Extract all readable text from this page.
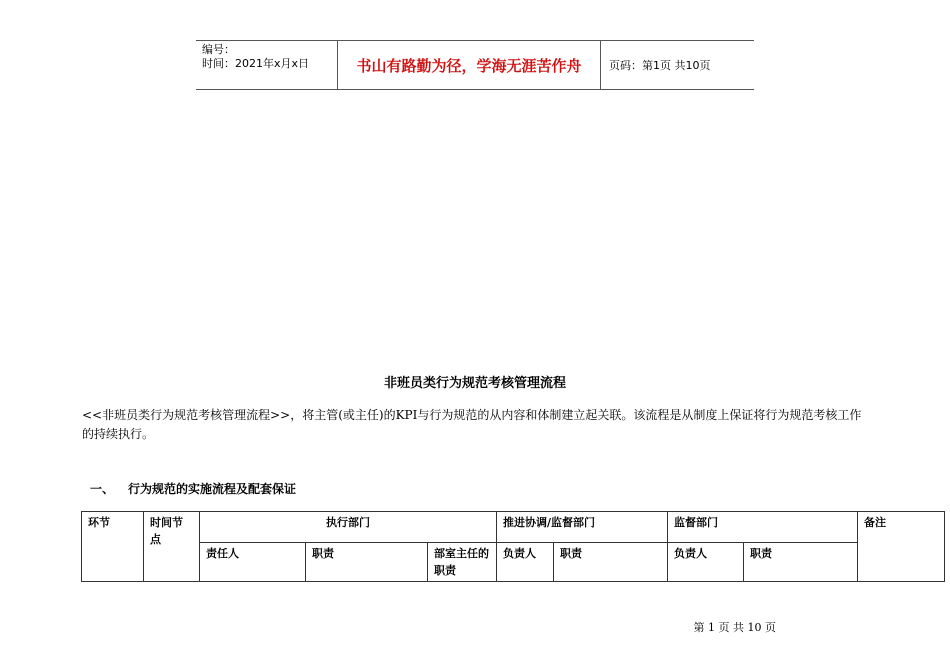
编号：
时间：2021年x月x日	书山有路勤为径，学海无涯苦作舟	页码：第1页 共10页
非班员类行为规范考核管理流程
<<非班员类行为规范考核管理流程>>，将主管(或主任)的KPI与行为规范的从内容和体制建立起关联。该流程是从制度上保证将行为规范考核工作的持续执行。
一、 行为规范的实施流程及配套保证
环节	时间节点	执行部门			推进协调/监督部门		监督部门		备注
		责任人	职责	部室主任的职责	负责人	职责	负责人	职责	
第 1 页 共 10 页
